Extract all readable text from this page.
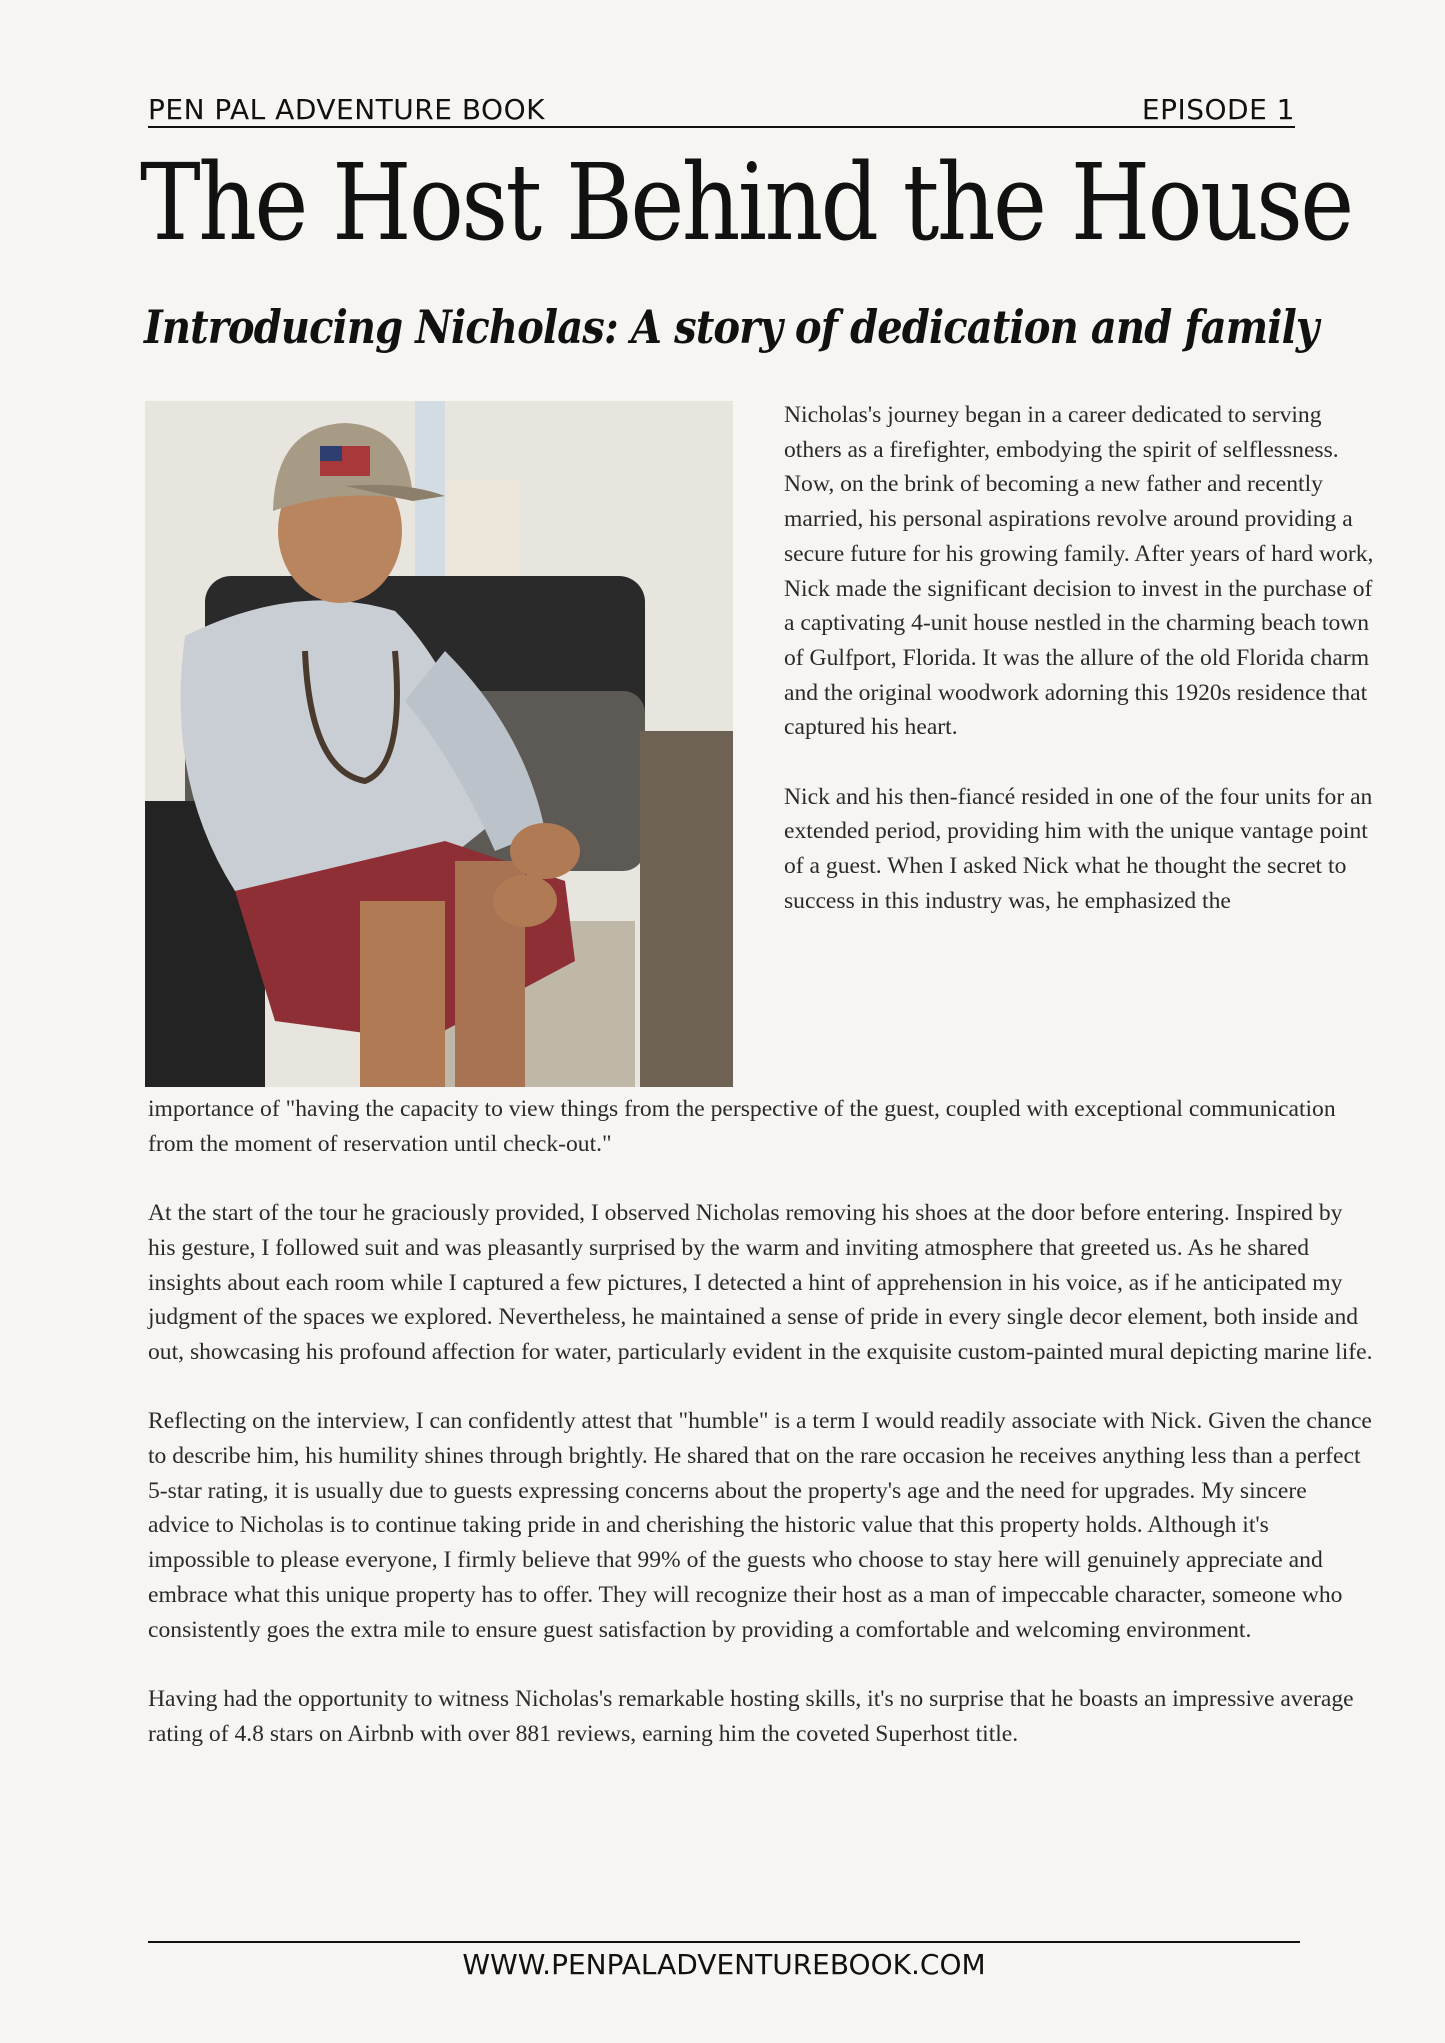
PEN PAL ADVENTURE BOOK	EPISODE 1
The Host Behind the House
Introducing Nicholas: A story of dedication and family

Nicholas's journey began in a career dedicated to serving others as a firefighter, embodying the spirit of selflessness. Now, on the brink of becoming a new father and recently married, his personal aspirations revolve around providing a secure future for his growing family. After years of hard work, Nick made the significant decision to invest in the purchase of a captivating 4-unit house nestled in the charming beach town of Gulfport, Florida. It was the allure of the old Florida charm and the original woodwork adorning this 1920s residence that captured his heart.

Nick and his then-fiancé resided in one of the four units for an extended period, providing him with the unique vantage point of a guest. When I asked Nick what he thought the secret to success in this industry was, he emphasized the

importance of "having the capacity to view things from the perspective of the guest, coupled with exceptional communication from the moment of reservation until check-out."

At the start of the tour he graciously provided, I observed Nicholas removing his shoes at the door before entering. Inspired by his gesture, I followed suit and was pleasantly surprised by the warm and inviting atmosphere that greeted us. As he shared insights about each room while I captured a few pictures, I detected a hint of apprehension in his voice, as if he anticipated my judgment of the spaces we explored. Nevertheless, he maintained a sense of pride in every single decor element, both inside and out, showcasing his profound affection for water, particularly evident in the exquisite custom-painted mural depicting marine life.

Reflecting on the interview, I can confidently attest that "humble" is a term I would readily associate with Nick. Given the chance to describe him, his humility shines through brightly. He shared that on the rare occasion he receives anything less than a perfect 5-star rating, it is usually due to guests expressing concerns about the property's age and the need for upgrades. My sincere advice to Nicholas is to continue taking pride in and cherishing the historic value that this property holds. Although it's impossible to please everyone, I firmly believe that 99% of the guests who choose to stay here will genuinely appreciate and embrace what this unique property has to offer. They will recognize their host as a man of impeccable character, someone who consistently goes the extra mile to ensure guest satisfaction by providing a comfortable and welcoming environment.

Having had the opportunity to witness Nicholas's remarkable hosting skills, it's no surprise that he boasts an impressive average rating of 4.8 stars on Airbnb with over 881 reviews, earning him the coveted Superhost title.

WWW.PENPALADVENTUREBOOK.COM
